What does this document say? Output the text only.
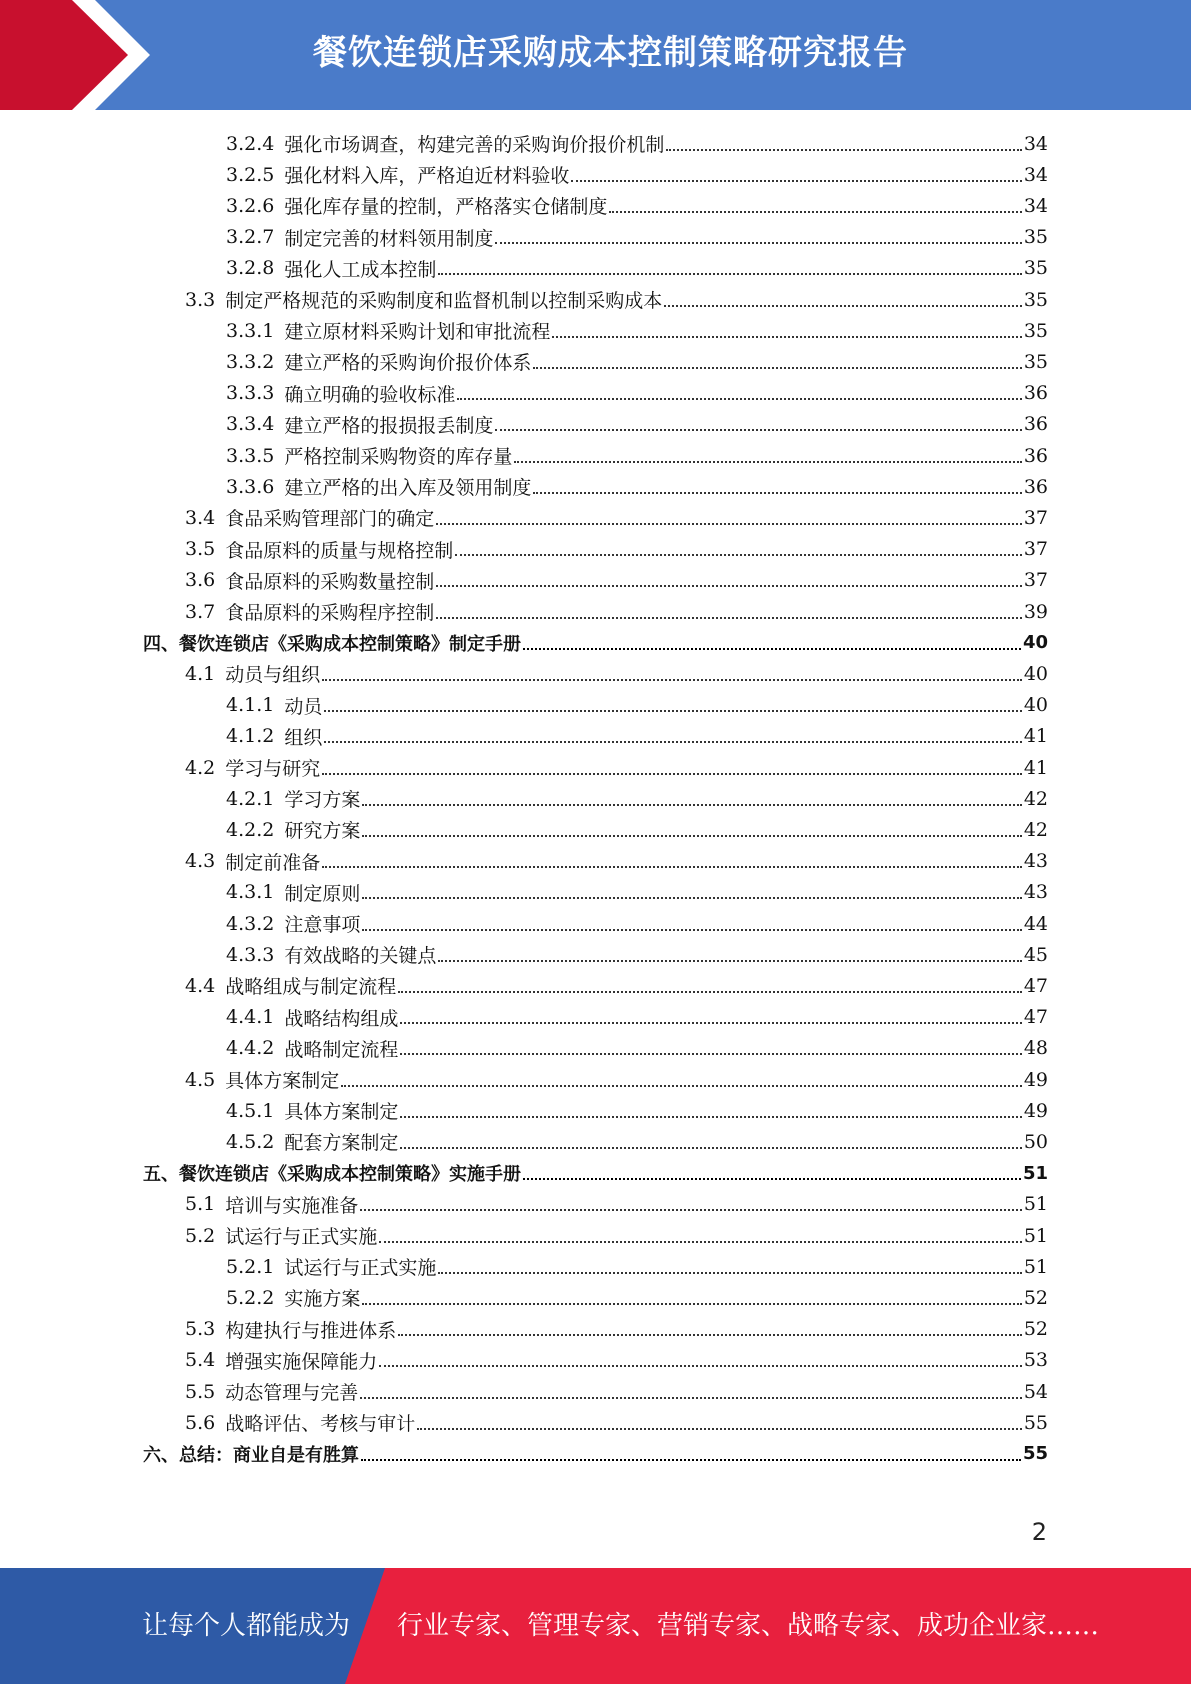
餐饮连锁店采购成本控制策略研究报告
3.2.4 强化市场调查，构建完善的采购询价报价机制	34
3.2.5 强化材料入库，严格迫近材料验收	34
3.2.6 强化库存量的控制，严格落实仓储制度	34
3.2.7 制定完善的材料领用制度	35
3.2.8 强化人工成本控制	35
3.3 制定严格规范的采购制度和监督机制以控制采购成本	35
3.3.1 建立原材料采购计划和审批流程	35
3.3.2 建立严格的采购询价报价体系	35
3.3.3 确立明确的验收标准	36
3.3.4 建立严格的报损报丢制度	36
3.3.5 严格控制采购物资的库存量	36
3.3.6 建立严格的出入库及领用制度	36
3.4 食品采购管理部门的确定	37
3.5 食品原料的质量与规格控制	37
3.6 食品原料的采购数量控制	37
3.7 食品原料的采购程序控制	39
四、餐饮连锁店《采购成本控制策略》制定手册	40
4.1 动员与组织	40
4.1.1 动员	40
4.1.2 组织	41
4.2 学习与研究	41
4.2.1 学习方案	42
4.2.2 研究方案	42
4.3 制定前准备	43
4.3.1 制定原则	43
4.3.2 注意事项	44
4.3.3 有效战略的关键点	45
4.4 战略组成与制定流程	47
4.4.1 战略结构组成	47
4.4.2 战略制定流程	48
4.5 具体方案制定	49
4.5.1 具体方案制定	49
4.5.2 配套方案制定	50
五、餐饮连锁店《采购成本控制策略》实施手册	51
5.1 培训与实施准备	51
5.2 试运行与正式实施	51
5.2.1 试运行与正式实施	51
5.2.2 实施方案	52
5.3 构建执行与推进体系	52
5.4 增强实施保障能力	53
5.5 动态管理与完善	54
5.6 战略评估、考核与审计	55
六、总结：商业自是有胜算	55
2
让每个人都能成为 行业专家、管理专家、营销专家、战略专家、成功企业家……
